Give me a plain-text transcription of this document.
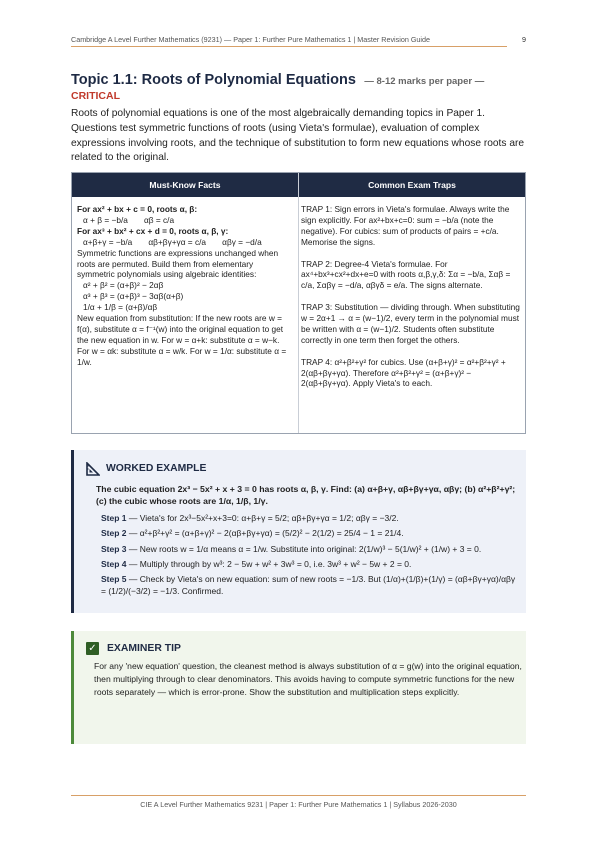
Cambridge A Level Further Mathematics (9231) — Paper 1: Further Pure Mathematics 1 | Master Revision Guide	9
Topic 1.1: Roots of Polynomial Equations — 8-12 marks per paper —
CRITICAL

Roots of polynomial equations is one of the most algebraically demanding topics in Paper 1. Questions test symmetric functions of roots (using Vieta's formulae), evaluation of complex expressions involving roots, and the technique of substitution to form new equations whose roots are related to the original.

Must-Know Facts	Common Exam Traps
For ax² + bx + c = 0, roots α, β:
α + β = −b/a       αβ = c/a
For ax³ + bx² + cx + d = 0, roots α, β, γ:
α+β+γ = −b/a       αβ+βγ+γα = c/a       αβγ = −d/a
Symmetric functions are expressions unchanged when roots are permuted. Build them from elementary symmetric polynomials using algebraic identities:
α² + β² = (α+β)² − 2αβ
α³ + β³ = (α+β)³ − 3αβ(α+β)
1/α + 1/β = (α+β)/αβ
New equation from substitution: If the new roots are w = f(α), substitute α = f⁻¹(w) into the original equation to get the new equation in w. For w = α+k: substitute α = w−k. For w = αk: substitute α = w/k. For w = 1/α: substitute α = 1/w.

TRAP 1: Sign errors in Vieta's formulae. Always write the sign explicitly. For ax²+bx+c=0: sum = −b/a (note the negative). For cubics: sum of products of pairs = +c/a. Memorise the signs.

TRAP 2: Degree-4 Vieta's formulae. For ax⁴+bx³+cx²+dx+e=0 with roots α,β,γ,δ: Σα = −b/a, Σαβ = c/a, Σαβγ = −d/a, αβγδ = e/a. The signs alternate.

TRAP 3: Substitution — dividing through. When substituting w = 2α+1 → α = (w−1)/2, every term in the polynomial must be written with α = (w−1)/2. Students often substitute correctly in one term then forget the others.

TRAP 4: α²+β²+γ² for cubics. Use (α+β+γ)² = α²+β²+γ² + 2(αβ+βγ+γα). Therefore α²+β²+γ² = (α+β+γ)² − 2(αβ+βγ+γα). Apply Vieta's to each.

WORKED EXAMPLE
The cubic equation 2x³ − 5x² + x + 3 = 0 has roots α, β, γ. Find: (a) α+β+γ, αβ+βγ+γα, αβγ; (b) α²+β²+γ²; (c) the cubic whose roots are 1/α, 1/β, 1/γ.
Step 1 — Vieta's for 2x³−5x²+x+3=0: α+β+γ = 5/2; αβ+βγ+γα = 1/2; αβγ = −3/2.
Step 2 — α²+β²+γ² = (α+β+γ)² − 2(αβ+βγ+γα) = (5/2)² − 2(1/2) = 25/4 − 1 = 21/4.
Step 3 — New roots w = 1/α means α = 1/w. Substitute into original: 2(1/w)³ − 5(1/w)² + (1/w) + 3 = 0.
Step 4 — Multiply through by w³: 2 − 5w + w² + 3w³ = 0, i.e. 3w³ + w² − 5w + 2 = 0.
Step 5 — Check by Vieta's on new equation: sum of new roots = −1/3. But (1/α)+(1/β)+(1/γ) = (αβ+βγ+γα)/αβγ = (1/2)/(−3/2) = −1/3. Confirmed.
✓ EXAMINER TIP

For any 'new equation' question, the cleanest method is always substitution of α = g(w) into the original equation, then multiplying through to clear denominators. This avoids having to compute symmetric functions for the new roots separately — which is error-prone. Show the substitution and multiplication steps explicitly.

CIE A Level Further Mathematics 9231 | Paper 1: Further Pure Mathematics 1 | Syllabus 2026-2030
